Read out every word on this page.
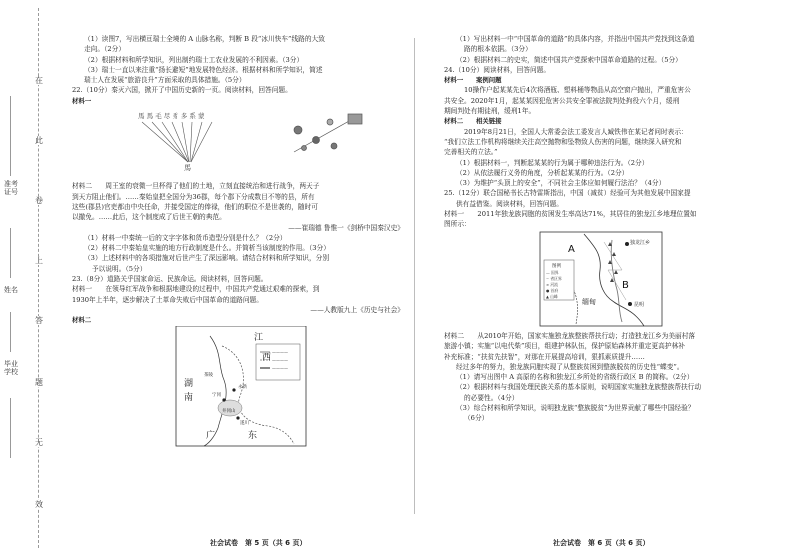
在
此
卷
上
答
题
无
效
准考证号
姓名
毕业学校

（1）读图7，写出横亘瑞士全境的 A 山脉名称，判断 B 段“冰川快车”线路的大致

走向。（2分）

（2）根据材料和所学知识，列出制约瑞士工农业发展的不利因素。（3分）

（3）瑞士一直以来注重“扬长避短”地发展特色经济。根据材料和所学知识，简述

瑞士人在发展“旅游良升”方面采取的具体措施。（5分）

22.（10分）秦灭六国，掀开了中国历史新的一页。阅读材料，回答问题。

材料一

馬 馬 毛 尽 豸 多 系 蒙
馬

材料二　　周王室的衰微一旦杯得了他们的土地，立刻直接统治和进行战争，两天子

到天方阻止他们。……秦始皇把全国分为36郡，每个郡下分成数目不等的县，所有

这些(郡县)官吏都由中央任命，并接受国定的俸禄，他们的职位不是世袭的，随时可

以撤免。……此后，这个制度成了后世王朝的典范。

——崔瑞德 鲁惟一《剑桥中国秦汉史》

（1）材料一中秦统一后的文字字体和货币造型分别是什么？（2分）

（2）材料二中秦始皇实施的地方行政制度是什么。并简析当该制度的作用。（3分）

（3）上述材料中的各项措施对后世产生了深远影响。请结合材料和所学知识，分别

予以说明。（5分）

23.（8分）道路关乎国家命运、民族命运。阅读材料，回答问题。

材料一　　在领导红军战争和根据地建设的过程中，中国共产党通过艰难的探索，到

1930年上半年，逐步解决了土革命失败后中国革命的道路问题。

——人教版九上《历史与社会》

材料二

————
————
————
江
西
湖
南
广	东
井冈山
永新
宁冈
茶陵
遂川

（1）写出材料一中“中国革命的道路”的具体内容，并指出中国共产党找到这条道

路的根本依据。（3分）

（2）根据材料二的史实，简述中国共产党探索中国革命道路的过程。（5分）

24.（10分）阅读材料，回答问题。

材料一　　案例问题

10操作户起某某先后4次将酒瓶、塑料桶等物品从高空窗户抛出，严重危害公

共安全。2020年1月，起某某因犯危害公共安全罪被法院判处拘役六个月，缓刑

期间判处有期徒刑，缓刑1年。

材料二　　相关链接

2019年8月21日，全国人大常委会法工委发言人臧铁伟在某记者问时表示：

“我们立法工作机构将继续关注高空抛物和坠物致人伤害的问题，继续深入研究和

完善相关的立法。”

（1）根据材料一，判断起某某的行为属于哪种违法行为。（2分）

（2）从依法履行义务的角度，分析起某某的行为。（2分）

（3）为维护“头顶上的安全”，不同社会主体应如何履行法治？（4分）

25.（12分）联合国秘书长古特雷斯指出，中国（减贫）经验可为其他发展中国家提

供有益借鉴。阅读材料，回答问题。

材料一　　2011年独龙族同胞的贫困发生率高达71%，其居住的独龙江乡地理位置如

图所示：

图例
— 国界
~ 省区界
≈ 河流
● 首府
▲ 山峰
A
B
独龙江乡
缅甸	昆明

材料二　　从2010年开始，国家实施独龙族整族帮扶行动；打造独龙江乡为美丽村落

旅游小镇；实施“以电代柴”项目，组建护林队伍，保护原始森林并重定更高护林补

补充标准；“扶贫先扶智”，对那在开展提高培训，狠抓素质提升……

经过多年的努力，独龙族同胞实现了从整族贫困到整族脱贫的历史性“蝶变”。

（1）请写出图中 A 高原的名称和独龙江乡所处的省级行政区 B 的简称。（2分）

（2）根据材料与我国处理民族关系的基本原则，说明国家实施独龙族整族帮扶行动

的必要性。（4分）

（3）综合材料和所学知识，说明独龙族“整族脱贫”为世界贡献了哪些中国经验？

（6分）

社会试卷　第 5 页（共 6 页）	社会试卷　第 6 页（共 6 页）
